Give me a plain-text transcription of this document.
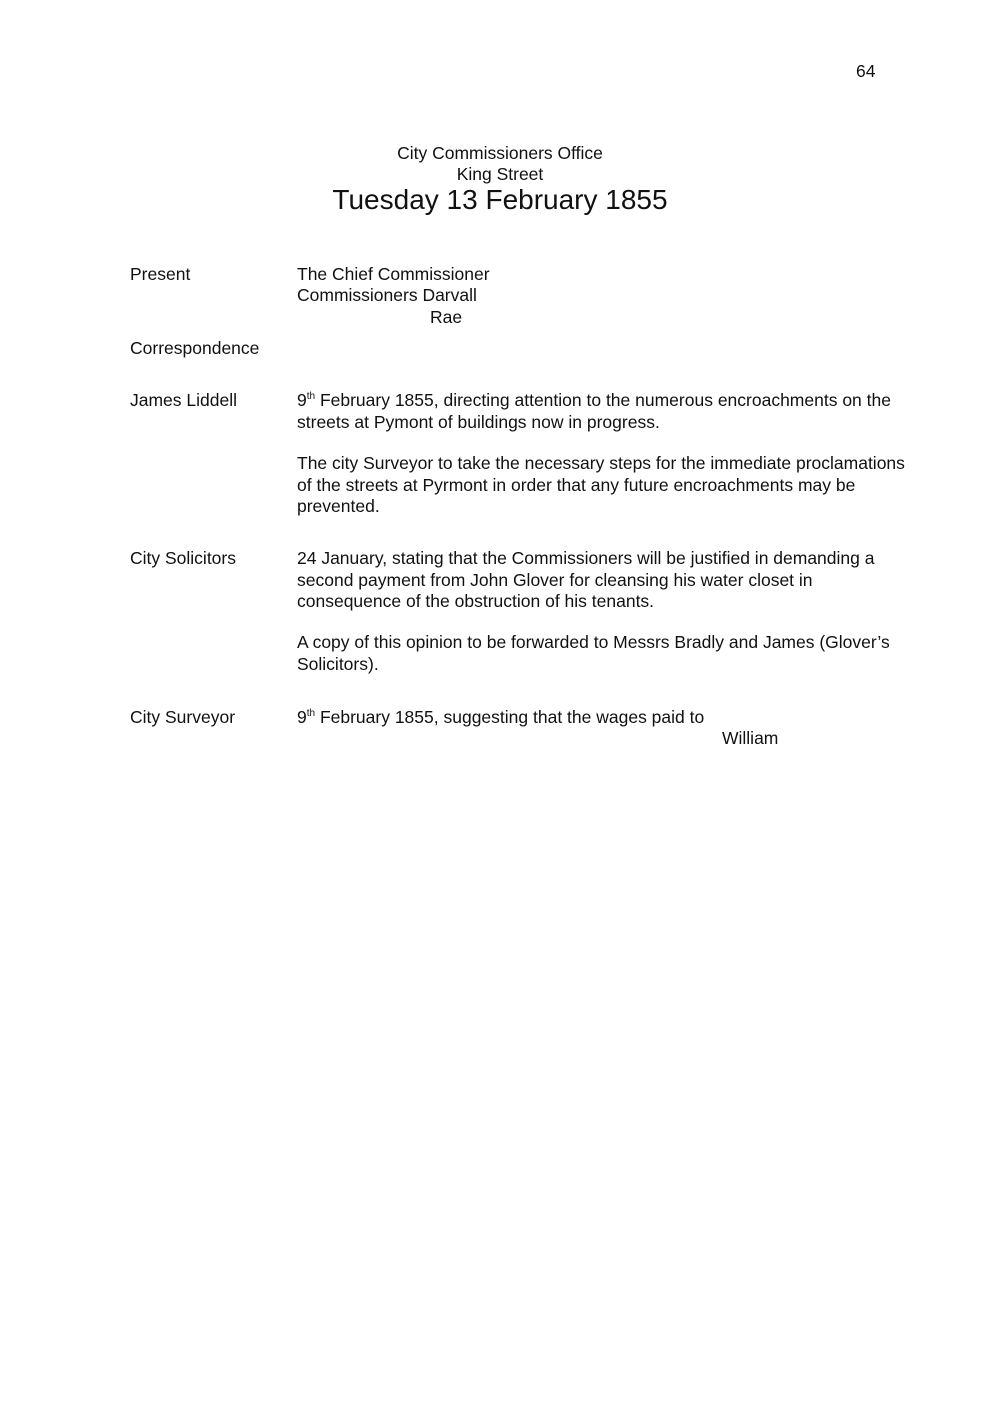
64
City Commissioners Office
King Street
Tuesday 13 February 1855
Present	The Chief Commissioner
Commissioners Darvall
Rae
Correspondence
James Liddell	9th February 1855, directing attention to the numerous encroachments on the streets at Pymont of buildings now in progress.

The city Surveyor to take the necessary steps for the immediate proclamations of the streets at Pyrmont in order that any future encroachments may be prevented.

City Solicitors	24 January, stating that the Commissioners will be justified in demanding a second payment from John Glover for cleansing his water closet in consequence of the obstruction of his tenants.

A copy of this opinion to be forwarded to Messrs Bradly and James (Glover’s Solicitors).

City Surveyor	9th February 1855, suggesting that the wages paid to
William
